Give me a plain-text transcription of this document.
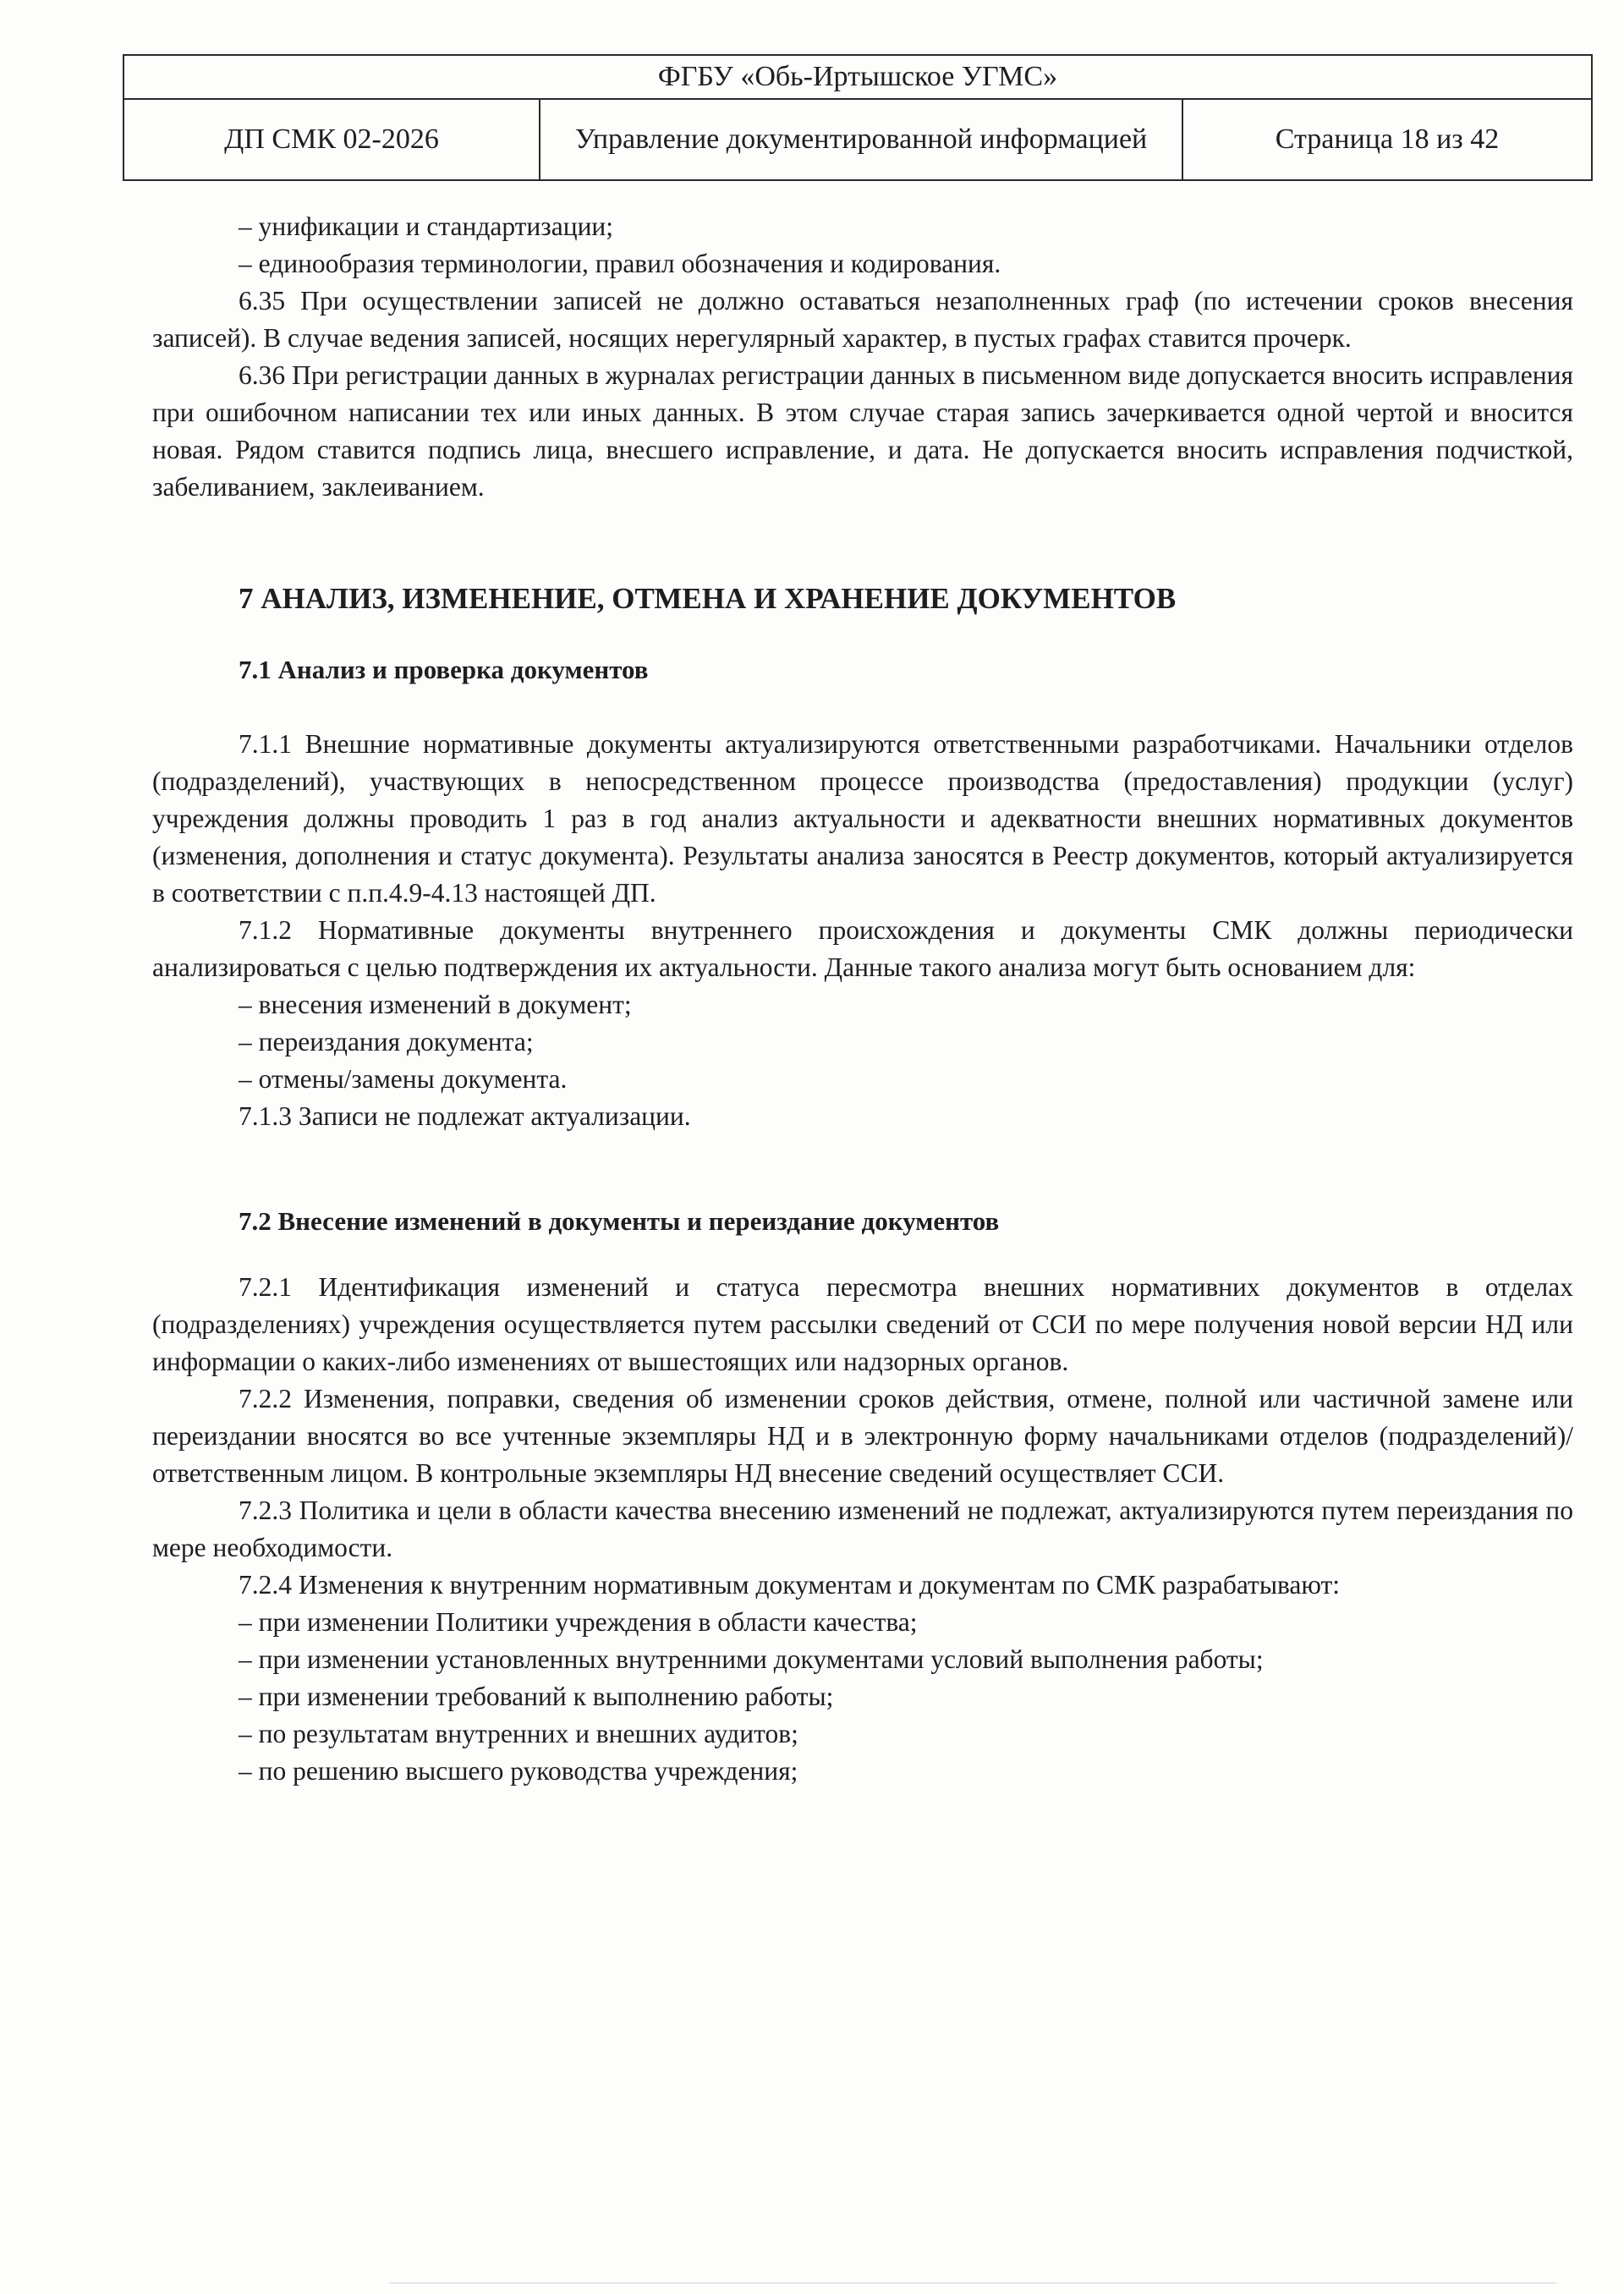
ФГБУ «Обь-Иртышское УГМС»
ДП СМК 02-2026	Управление документированной информацией	Страница 18 из 42

– унификации и стандартизации;

– единообразия терминологии, правил обозначения и кодирования.

6.35 При осуществлении записей не должно оставаться незаполненных граф (по истечении сроков внесения записей). В случае ведения записей, носящих нерегулярный характер, в пустых графах ставится прочерк.

6.36 При регистрации данных в журналах регистрации данных в письменном виде допускается вносить исправления при ошибочном написании тех или иных данных. В этом случае старая запись зачеркивается одной чертой и вносится новая. Рядом ставится подпись лица, внесшего исправление, и дата. Не допускается вносить исправления подчисткой, забеливанием, заклеиванием.

7 АНАЛИЗ, ИЗМЕНЕНИЕ, ОТМЕНА И ХРАНЕНИЕ ДОКУМЕНТОВ

7.1 Анализ и проверка документов

7.1.1 Внешние нормативные документы актуализируются ответственными разработчиками. Начальники отделов (подразделений), участвующих в непосредственном процессе производства (предоставления) продукции (услуг) учреждения должны проводить 1 раз в год анализ актуальности и адекватности внешних нормативных документов (изменения, дополнения и статус документа). Результаты анализа заносятся в Реестр документов, который актуализируется в соответствии с п.п.4.9-4.13 настоящей ДП.

7.1.2 Нормативные документы внутреннего происхождения и документы СМК должны периодически анализироваться с целью подтверждения их актуальности. Данные такого анализа могут быть основанием для:

– внесения изменений в документ;

– переиздания документа;

– отмены/замены документа.

7.1.3 Записи не подлежат актуализации.

7.2 Внесение изменений в документы и переиздание документов

7.2.1 Идентификация изменений и статуса пересмотра внешних нормативних документов в отделах (подразделениях) учреждения осуществляется путем рассылки сведений от ССИ по мере получения новой версии НД или информации о каких-либо изменениях от вышестоящих или надзорных органов.

7.2.2 Изменения, поправки, сведения об изменении сроков действия, отмене, полной или частичной замене или переиздании вносятся во все учтенные экземпляры НД и в электронную форму начальниками отделов (подразделений)/ ответственным лицом. В контрольные экземпляры НД внесение сведений осуществляет ССИ.

7.2.3 Политика и цели в области качества внесению изменений не подлежат, актуализируются путем переиздания по мере необходимости.

7.2.4 Изменения к внутренним нормативным документам и документам по СМК разрабатывают:

– при изменении Политики учреждения в области качества;

– при изменении установленных внутренними документами условий выполнения работы;

– при изменении требований к выполнению работы;

– по результатам внутренних и внешних аудитов;

– по решению высшего руководства учреждения;
